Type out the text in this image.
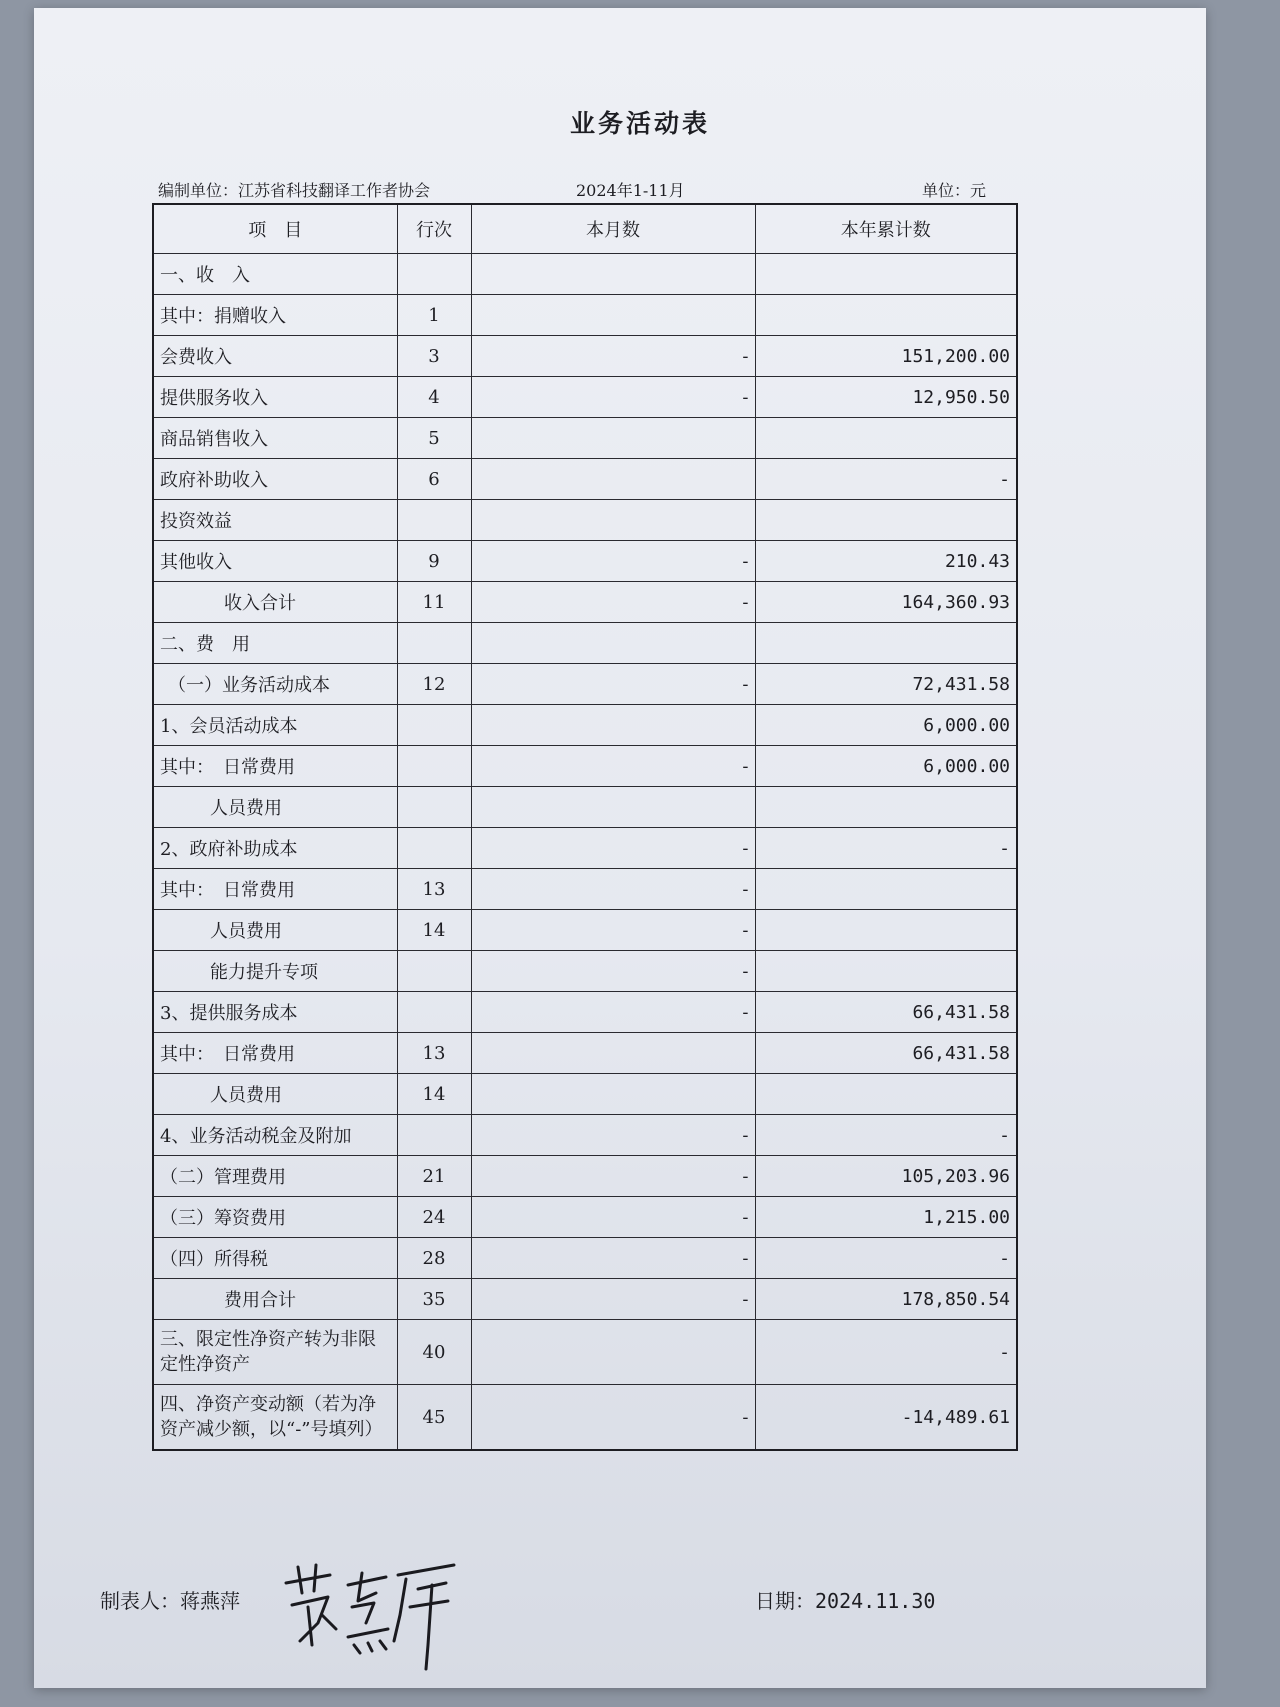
业务活动表
编制单位：江苏省科技翻译工作者协会	2024年1-11月	单位：元
项　目	行次	本月数	本年累计数
一、收　入			
其中：捐赠收入	1		
会费收入	3	-	151,200.00
提供服务收入	4	-	12,950.50
商品销售收入	5		
政府补助收入	6		-
投资效益			
其他收入	9	-	210.43
收入合计	11	-	164,360.93
二、费　用			
（一）业务活动成本	12	-	72,431.58
1、会员活动成本			6,000.00
其中：　日常费用		-	6,000.00
人员费用			
2、政府补助成本		-	-
其中：　日常费用	13	-	
人员费用	14	-	
能力提升专项		-	
3、提供服务成本		-	66,431.58
其中：　日常费用	13		66,431.58
人员费用	14		
4、业务活动税金及附加		-	-
（二）管理费用	21	-	105,203.96
（三）筹资费用	24	-	1,215.00
（四）所得税	28	-	-
费用合计	35	-	178,850.54
三、限定性净资产转为非限定性净资产	40		-
四、净资产变动额（若为净资产减少额，以“-”号填列）	45	-	-14,489.61
制表人：蒋燕萍	日期：2024.11.30
